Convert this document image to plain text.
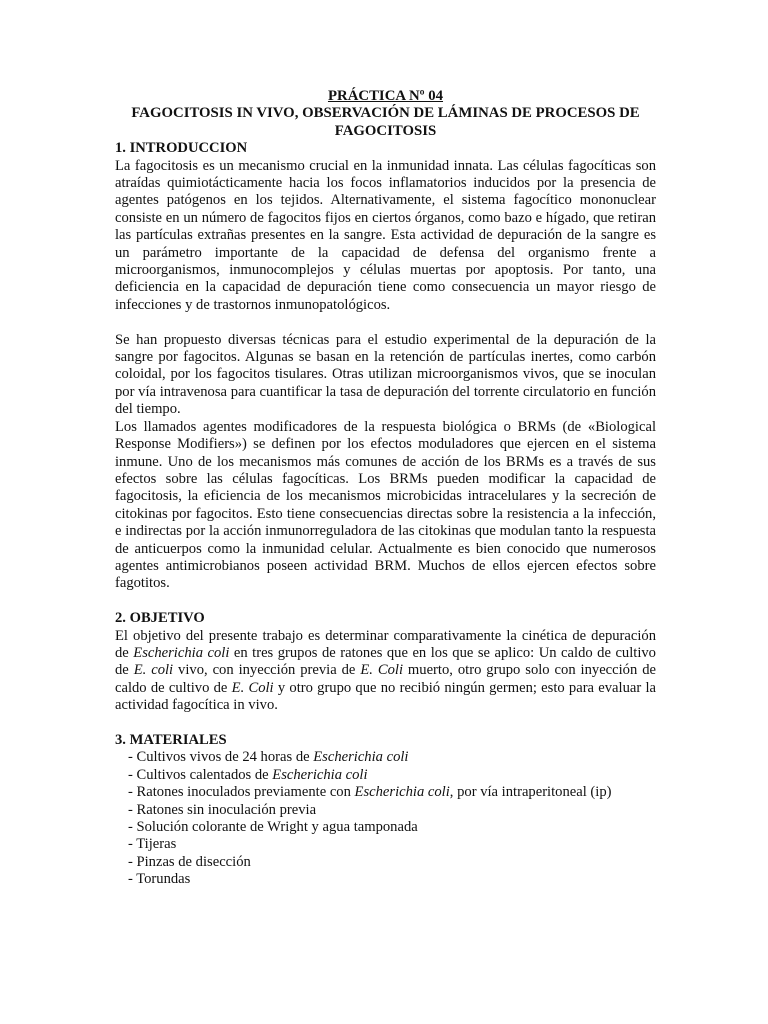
PRÁCTICA Nº 04
FAGOCITOSIS IN VIVO, OBSERVACIÓN DE LÁMINAS DE PROCESOS DE
FAGOCITOSIS
1. INTRODUCCION

La fagocitosis es un mecanismo crucial en la inmunidad innata. Las células fagocíticas son atraídas quimiotácticamente hacia los focos inflamatorios inducidos por la presencia de agentes patógenos en los tejidos. Alternativamente, el sistema fagocítico mononuclear consiste en un número de fagocitos fijos en ciertos órganos, como bazo e hígado, que retiran las partículas extrañas presentes en la sangre. Esta actividad de depuración de la sangre es un parámetro importante de la capacidad de defensa del organismo frente a microorganismos, inmunocomplejos y células muertas por apoptosis. Por tanto, una deficiencia en la capacidad de depuración tiene como consecuencia un mayor riesgo de infecciones y de trastornos inmunopatológicos.

Se han propuesto diversas técnicas para el estudio experimental de la depuración de la sangre por fagocitos. Algunas se basan en la retención de partículas inertes, como carbón coloidal, por los fagocitos tisulares. Otras utilizan microorganismos vivos, que se inoculan por vía intravenosa para cuantificar la tasa de depuración del torrente circulatorio en función del tiempo.

Los llamados agentes modificadores de la respuesta biológica o BRMs (de «Biological Response Modifiers») se definen por los efectos moduladores que ejercen en el sistema inmune. Uno de los mecanismos más comunes de acción de los BRMs es a través de sus efectos sobre las células fagocíticas. Los BRMs pueden modificar la capacidad de fagocitosis, la eficiencia de los mecanismos microbicidas intracelulares y la secreción de citokinas por fagocitos. Esto tiene consecuencias directas sobre la resistencia a la infección, e indirectas por la acción inmunorreguladora de las citokinas que modulan tanto la respuesta de anticuerpos como la inmunidad celular. Actualmente es bien conocido que numerosos agentes antimicrobianos poseen actividad BRM. Muchos de ellos ejercen efectos sobre fagotitos.

2. OBJETIVO

El objetivo del presente trabajo es determinar comparativamente la cinética de depuración de Escherichia coli en tres grupos de ratones que en los que se aplico: Un caldo de cultivo de E. coli vivo, con inyección previa de E. Coli muerto, otro grupo solo con inyección de caldo de cultivo de E. Coli y otro grupo que no recibió ningún germen; esto para evaluar la actividad fagocítica in vivo.

3. MATERIALES
- Cultivos vivos de 24 horas de Escherichia coli
- Cultivos calentados de Escherichia coli
- Ratones inoculados previamente con Escherichia coli, por vía intraperitoneal (ip)
- Ratones sin inoculación previa
- Solución colorante de Wright y agua tamponada
- Tijeras
- Pinzas de disección
- Torundas
